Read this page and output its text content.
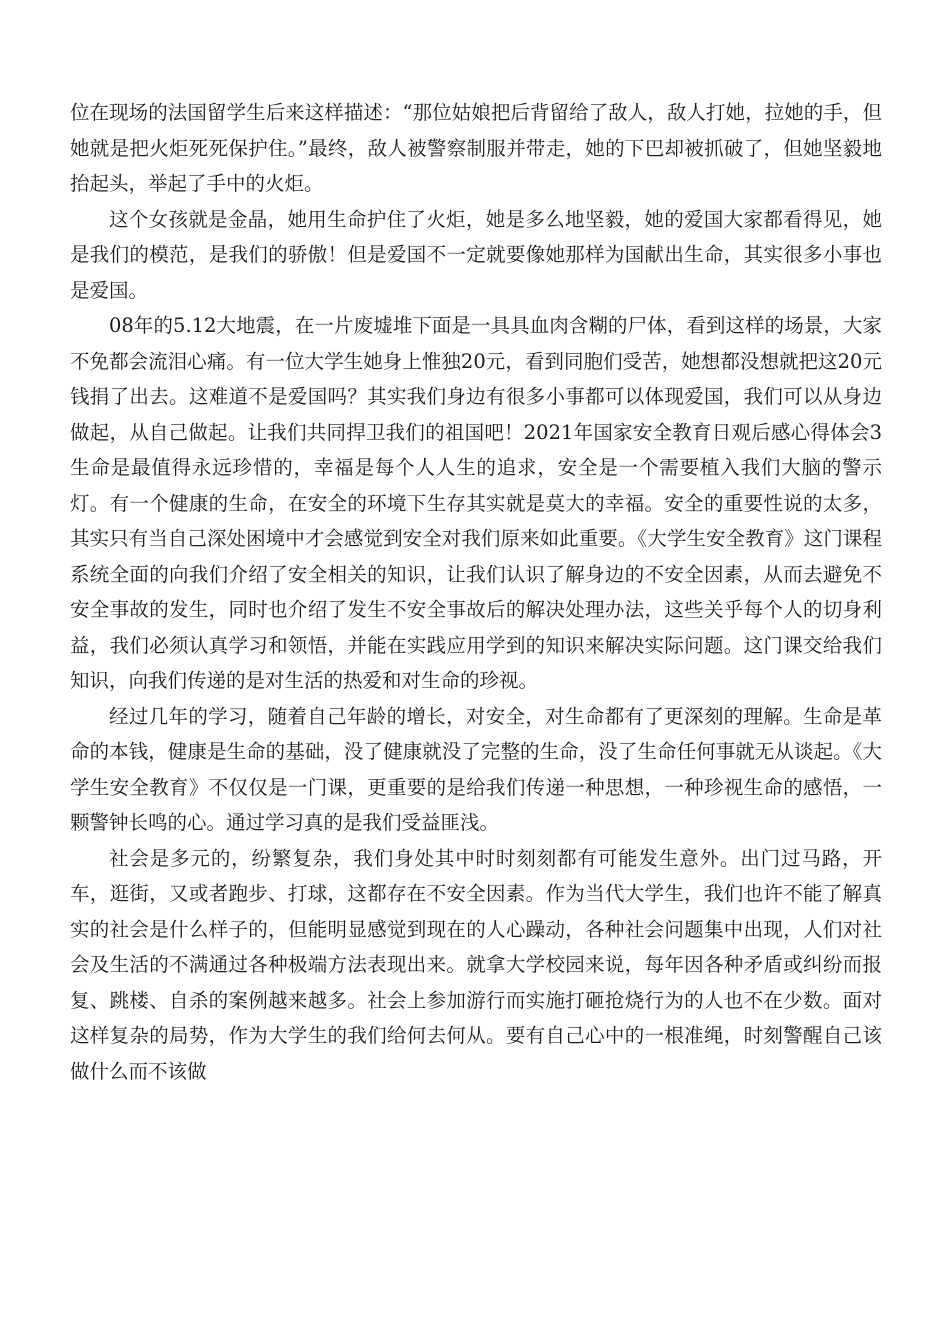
位在现场的法国留学生后来这样描述：“那位姑娘把后背留给了敌人，敌人打她，拉她的手，但她就是把火炬死死保护住。”最终，敌人被警察制服并带走，她的下巴却被抓破了，但她坚毅地抬起头，举起了手中的火炬。

这个女孩就是金晶，她用生命护住了火炬，她是多么地坚毅，她的爱国大家都看得见，她是我们的模范，是我们的骄傲！但是爱国不一定就要像她那样为国献出生命，其实很多小事也是爱国。

08年的5.12大地震，在一片废墟堆下面是一具具血肉含糊的尸体，看到这样的场景，大家不免都会流泪心痛。有一位大学生她身上惟独20元，看到同胞们受苦，她想都没想就把这20元钱捐了出去。这难道不是爱国吗？其实我们身边有很多小事都可以体现爱国，我们可以从身边做起，从自己做起。让我们共同捍卫我们的祖国吧！2021年国家安全教育日观后感心得体会3 生命是最值得永远珍惜的，幸福是每个人人生的追求，安全是一个需要植入我们大脑的警示灯。有一个健康的生命，在安全的环境下生存其实就是莫大的幸福。安全的重要性说的太多，其实只有当自己深处困境中才会感觉到安全对我们原来如此重要。《大学生安全教育》这门课程系统全面的向我们介绍了安全相关的知识，让我们认识了解身边的不安全因素，从而去避免不安全事故的发生，同时也介绍了发生不安全事故后的解决处理办法，这些关乎每个人的切身利益，我们必须认真学习和领悟，并能在实践应用学到的知识来解决实际问题。这门课交给我们知识，向我们传递的是对生活的热爱和对生命的珍视。

经过几年的学习，随着自己年龄的增长，对安全，对生命都有了更深刻的理解。生命是革命的本钱，健康是生命的基础，没了健康就没了完整的生命，没了生命任何事就无从谈起。《大学生安全教育》不仅仅是一门课，更重要的是给我们传递一种思想，一种珍视生命的感悟，一颗警钟长鸣的心。通过学习真的是我们受益匪浅。

社会是多元的，纷繁复杂，我们身处其中时时刻刻都有可能发生意外。出门过马路，开车，逛街，又或者跑步、打球，这都存在不安全因素。作为当代大学生，我们也许不能了解真实的社会是什么样子的，但能明显感觉到现在的人心躁动，各种社会问题集中出现，人们对社会及生活的不满通过各种极端方法表现出来。就拿大学校园来说，每年因各种矛盾或纠纷而报复、跳楼、自杀的案例越来越多。社会上参加游行而实施打砸抢烧行为的人也不在少数。面对这样复杂的局势，作为大学生的我们给何去何从。要有自己心中的一根准绳，时刻警醒自己该做什么而不该做
